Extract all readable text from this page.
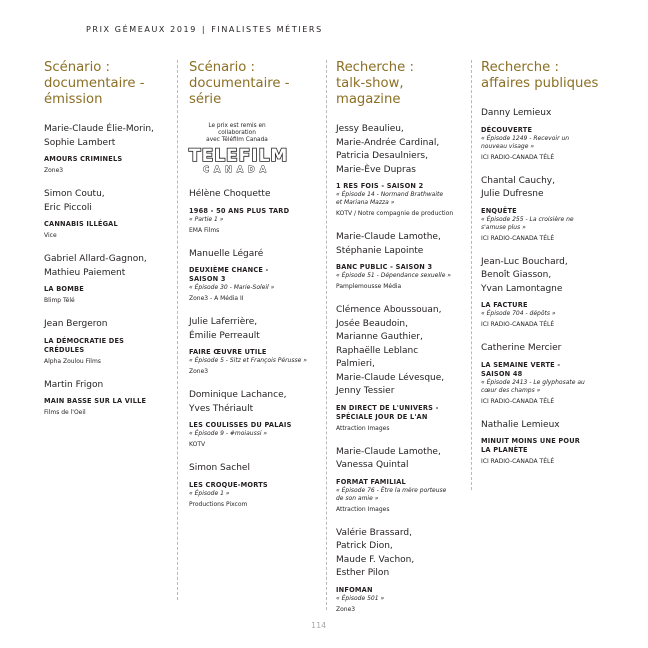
PRIX GÉMEAUX 2019 | FINALISTES MÉTIERS
Scénario :
documentaire -
émission
Marie-Claude Élie-Morin,
Sophie Lambert
AMOURS CRIMINELS
Zone3
Simon Coutu,
Eric Piccoli
CANNABIS ILLÉGAL
Vice
Gabriel Allard-Gagnon,
Mathieu Paiement
LA BOMBE
Blimp Télé
Jean Bergeron
LA DÉMOCRATIE DES
CRÉDULES
Alpha Zoulou Films
Martin Frigon
MAIN BASSE SUR LA VILLE
Films de l'Oeil
Scénario :
documentaire -
série
Le prix est remis en collaboration
avec Téléfilm Canada
TELEFILM
CANADA
Hélène Choquette
1968 - 50 ANS PLUS TARD
« Partie 1 »
EMA Films
Manuelle Légaré
DEUXIÈME CHANCE -
SAISON 3
« Épisode 30 - Marie-Soleil »
Zone3 - A Média II
Julie Laferrière,
Émilie Perreault
FAIRE ŒUVRE UTILE
« Épisode 5 - Sitz et François Pérusse »
Zone3
Dominique Lachance,
Yves Thériault
LES COULISSES DU PALAIS
« Épisode 9 - #moiaussi »
KOTV
Simon Sachel
LES CROQUE-MORTS
« Épisode 1 »
Productions Pixcom
Recherche :
talk-show, magazine
Jessy Beaulieu,
Marie-Andrée Cardinal,
Patricia Desaulniers,
Marie-Ève Dupras
1 RES FOIS - SAISON 2
« Épisode 14 - Normand Brathwaite
et Mariana Mazza »
KOTV / Notre compagnie de production
Marie-Claude Lamothe,
Stéphanie Lapointe
BANC PUBLIC - SAISON 3
« Épisode 51 - Dépendance sexuelle »
Pamplemousse Média
Clémence Aboussouan,
Josée Beaudoin,
Marianne Gauthier,
Raphaëlle Leblanc
Palmieri,
Marie-Claude Lévesque,
Jenny Tessier
EN DIRECT DE L'UNIVERS -
SPÉCIALE JOUR DE L'AN
Attraction Images
Marie-Claude Lamothe,
Vanessa Quintal
FORMAT FAMILIAL
« Épisode 76 - Être la mère porteuse
de son amie »
Attraction Images
Valérie Brassard,
Patrick Dion,
Maude F. Vachon,
Esther Pilon
INFOMAN
« Épisode 501 »
Zone3
Recherche :
affaires publiques
Danny Lemieux
DÉCOUVERTE
« Épisode 1249 - Recevoir un
nouveau visage »
ICI RADIO-CANADA TÉLÉ
Chantal Cauchy,
Julie Dufresne
ENQUÊTE
« Épisode 255 - La croisière ne
s'amuse plus »
ICI RADIO-CANADA TÉLÉ
Jean-Luc Bouchard,
Benoît Giasson,
Yvan Lamontagne
LA FACTURE
« Épisode 704 - dépôts »
ICI RADIO-CANADA TÉLÉ
Catherine Mercier
LA SEMAINE VERTE -
SAISON 48
« Épisode 2413 - Le glyphosate au
cœur des champs »
ICI RADIO-CANADA TÉLÉ
Nathalie Lemieux
MINUIT MOINS UNE POUR
LA PLANÈTE
ICI RADIO-CANADA TÉLÉ
114
